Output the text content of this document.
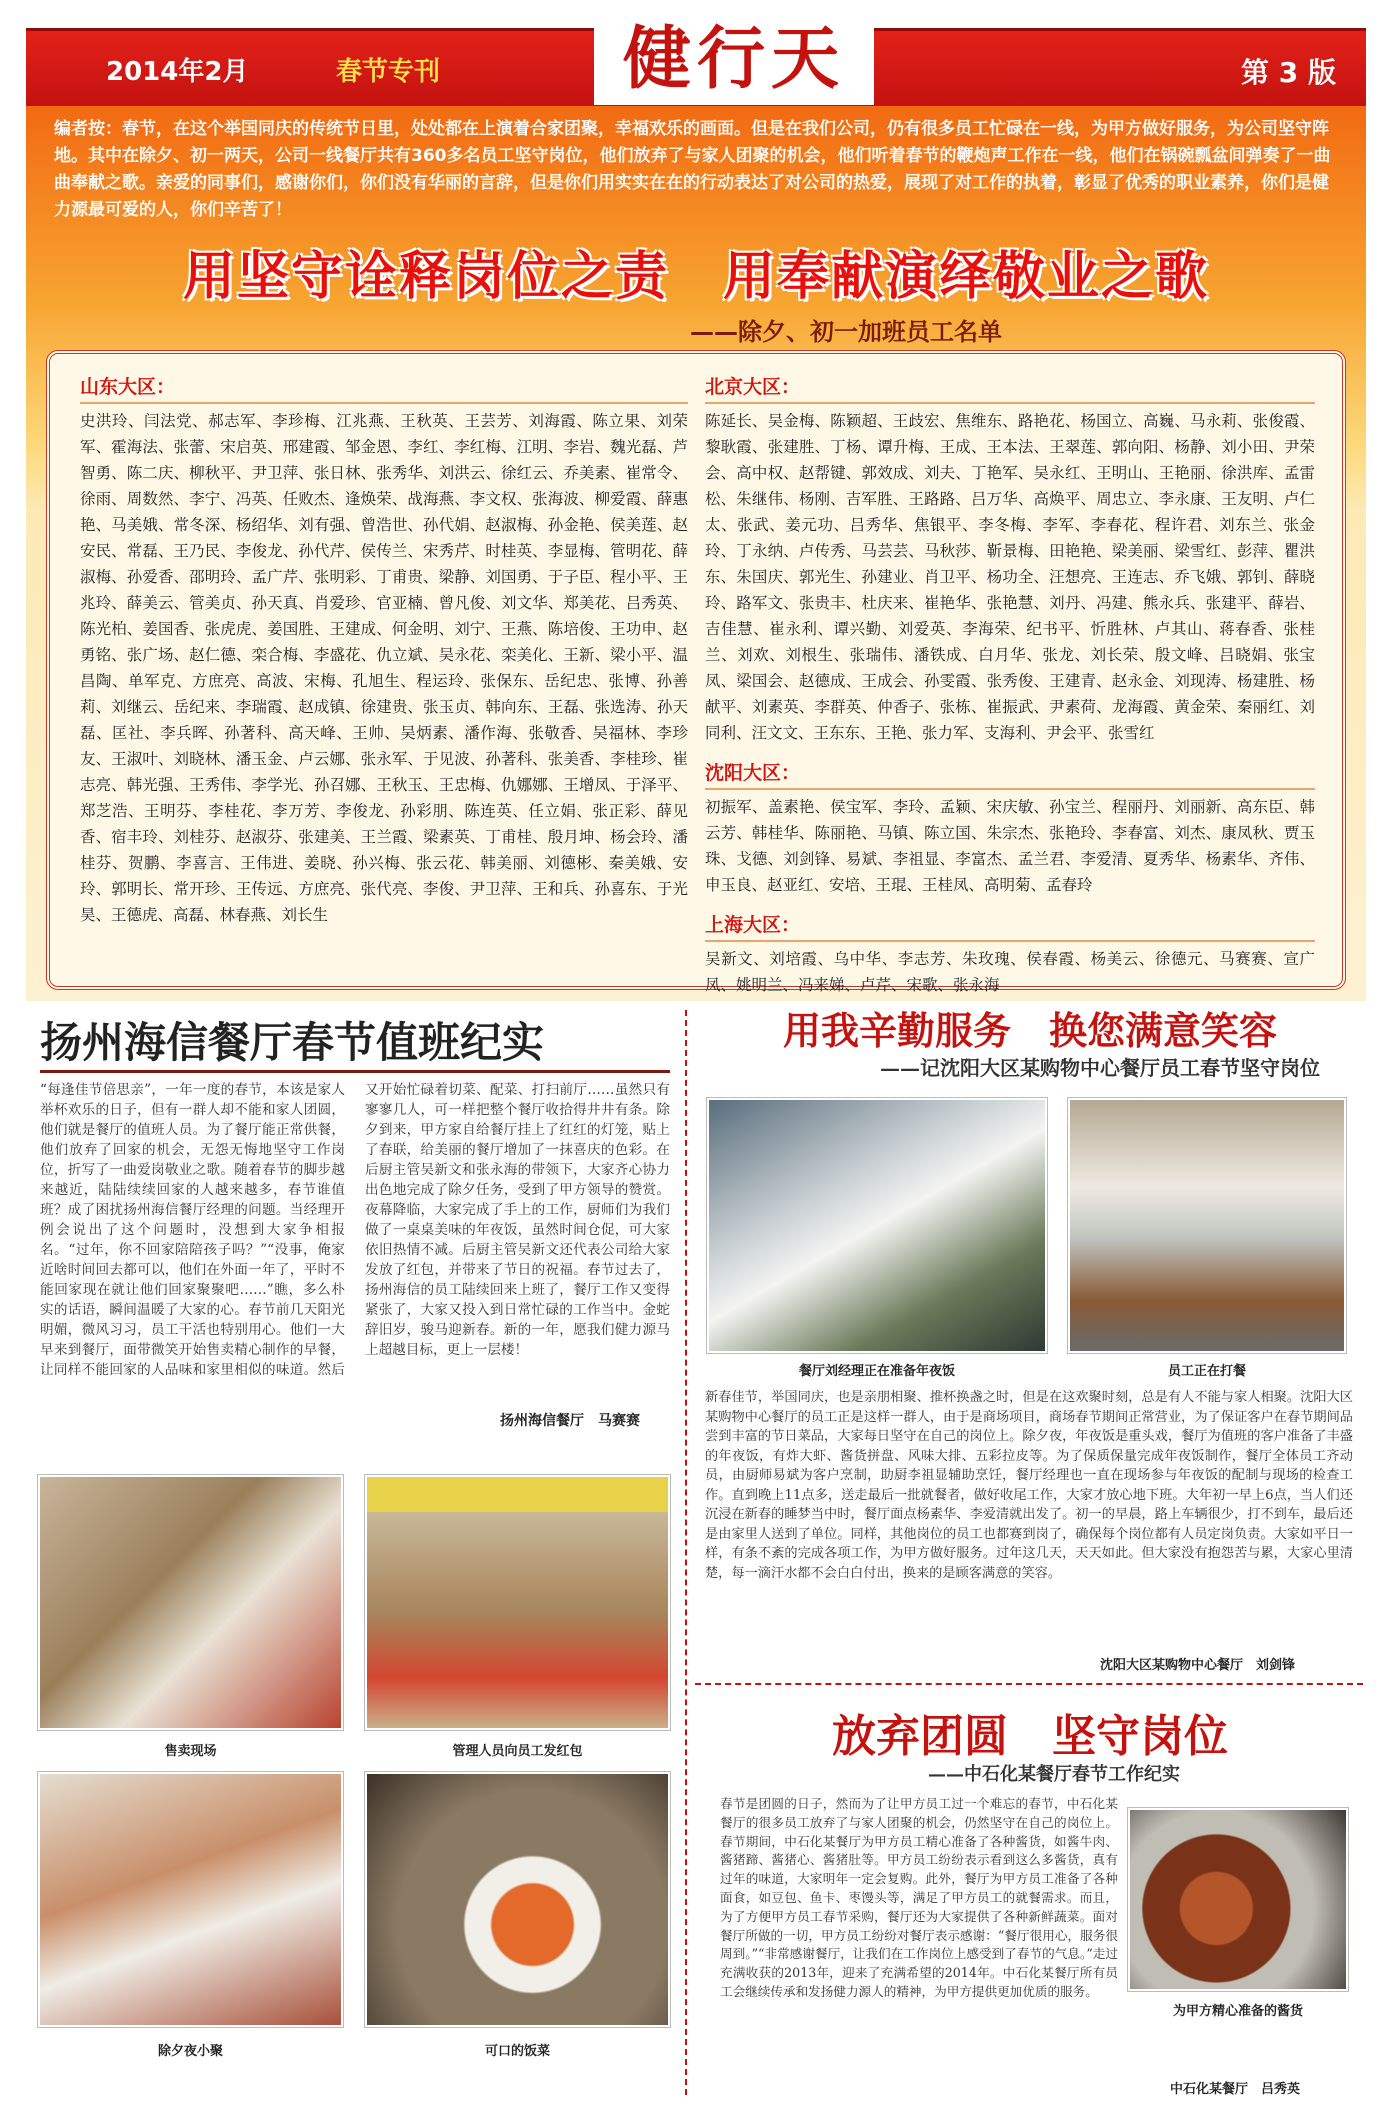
2014年2月	春节专刊	健行天	第 3 版
编者按：春节，在这个举国同庆的传统节日里，处处都在上演着合家团聚，幸福欢乐的画面。但是在我们公司，仍有很多员工忙碌在一线，为甲方做好服务，为公司坚守阵地。其中在除夕、初一两天，公司一线餐厅共有360多名员工坚守岗位，他们放弃了与家人团聚的机会，他们听着春节的鞭炮声工作在一线，他们在锅碗瓢盆间弹奏了一曲曲奉献之歌。亲爱的同事们，感谢你们，你们没有华丽的言辞，但是你们用实实在在的行动表达了对公司的热爱，展现了对工作的执着，彰显了优秀的职业素养，你们是健力源最可爱的人，你们辛苦了！
用坚守诠释岗位之责　用奉献演绎敬业之歌
——除夕、初一加班员工名单
山东大区：
史洪玲、闫法党、郝志军、李珍梅、江兆燕、王秋英、王芸芳、刘海霞、陈立果、刘荣军、霍海法、张蕾、宋启英、邢建霞、邹金恩、李红、李红梅、江明、李岩、魏光磊、芦智勇、陈二庆、柳秋平、尹卫萍、张日林、张秀华、刘洪云、徐红云、乔美素、崔常令、徐雨、周数然、李宁、冯英、任败杰、逢焕荣、战海燕、李文权、张海波、柳爱霞、薛惠艳、马美娥、常冬深、杨绍华、刘有强、曾浩世、孙代娟、赵淑梅、孙金艳、侯美莲、赵安民、常磊、王乃民、李俊龙、孙代芹、侯传兰、宋秀芹、时桂英、李显梅、管明花、薛淑梅、孙爱香、邵明玲、孟广芹、张明彩、丁甫贵、梁静、刘国勇、于子臣、程小平、王兆玲、薛美云、管美贞、孙天真、肖爱珍、官亚楠、曾凡俊、刘文华、郑美花、吕秀英、陈光柏、姜国香、张虎虎、姜国胜、王建成、何金明、刘宁、王燕、陈培俊、王功申、赵勇铭、张广场、赵仁德、栾合梅、李盛花、仇立斌、吴永花、栾美化、王新、梁小平、温昌陶、单军克、方庶亮、高波、宋梅、孔旭生、程运玲、张保东、岳纪忠、张博、孙善莉、刘继云、岳纪来、李瑞霞、赵成镇、徐建贵、张玉贞、韩向东、王磊、张选涛、孙天磊、匡社、李兵晖、孙著科、高天峰、王帅、吴炳素、潘作海、张敬香、吴福林、李珍友、王淑叶、刘晓林、潘玉金、卢云娜、张永军、于见波、孙著科、张美香、李桂珍、崔志亮、韩光强、王秀伟、李学光、孙召娜、王秋玉、王忠梅、仇娜娜、王增凤、于泽平、郑芝浩、王明芬、李桂花、李万芳、李俊龙、孙彩朋、陈连英、任立娟、张正彩、薛见香、宿丰玲、刘桂芬、赵淑芬、张建美、王兰霞、梁素英、丁甫桂、殷月坤、杨会玲、潘桂芬、贺鹏、李喜言、王伟进、姜晓、孙兴梅、张云花、韩美丽、刘德彬、秦美娥、安玲、郭明长、常开珍、王传远、方庶亮、张代亮、李俊、尹卫萍、王和兵、孙喜东、于光昊、王德虎、高磊、林春燕、刘长生
北京大区：
陈延长、吴金梅、陈颖超、王歧宏、焦维东、路艳花、杨国立、高巍、马永莉、张俊霞、黎耿霞、张建胜、丁杨、谭升梅、王成、王本法、王翠莲、郭向阳、杨静、刘小田、尹荣会、高中权、赵帮键、郭效成、刘夫、丁艳军、吴永红、王明山、王艳丽、徐洪库、孟雷松、朱继伟、杨刚、吉军胜、王路路、吕万华、高焕平、周忠立、李永康、王友明、卢仁太、张武、姜元功、吕秀华、焦银平、李冬梅、李军、李春花、程许君、刘东兰、张金玲、丁永纳、卢传秀、马芸芸、马秋莎、靳景梅、田艳艳、梁美丽、梁雪红、彭萍、瞿洪东、朱国庆、郭光生、孙建业、肖卫平、杨功全、汪想亮、王连志、乔飞娥、郭钊、薛晓玲、路军文、张贵丰、杜庆来、崔艳华、张艳慧、刘丹、冯建、熊永兵、张建平、薛岩、吉佳慧、崔永利、谭兴勤、刘爱英、李海荣、纪书平、忻胜林、卢其山、蒋春香、张桂兰、刘欢、刘根生、张瑞伟、潘铁成、白月华、张龙、刘长荣、殷文峰、吕晓娟、张宝凤、梁国会、赵德成、王成会、孙雯霞、张秀俊、王建青、赵永金、刘现涛、杨建胜、杨献平、刘素英、李群英、仲香子、张栋、崔振武、尹素荷、龙海霞、黄金荣、秦丽红、刘同利、汪文文、王东东、王艳、张力军、支海利、尹会平、张雪红
沈阳大区：
初振军、盖素艳、侯宝军、李玲、孟颖、宋庆敏、孙宝兰、程丽丹、刘丽新、高东臣、韩云芳、韩桂华、陈丽艳、马镇、陈立国、朱宗杰、张艳玲、李春富、刘杰、康凤秋、贾玉珠、戈德、刘剑锋、易斌、李祖显、李富杰、孟兰君、李爱清、夏秀华、杨素华、齐伟、申玉良、赵亚红、安培、王琨、王桂凤、高明菊、孟春玲
上海大区：
吴新文、刘培霞、乌中华、李志芳、朱玫瑰、侯春霞、杨美云、徐德元、马赛赛、宣广凤、姚明兰、冯来娣、卢芹、宋歌、张永海
扬州海信餐厅春节值班纪实
“每逢佳节倍思亲”，一年一度的春节，本该是家人举杯欢乐的日子，但有一群人却不能和家人团圆，他们就是餐厅的值班人员。为了餐厅能正常供餐，他们放弃了回家的机会，无怨无悔地坚守工作岗位，折写了一曲爱岗敬业之歌。随着春节的脚步越来越近，陆陆续续回家的人越来越多，春节谁值班？成了困扰扬州海信餐厅经理的问题。当经理开例会说出了这个问题时，没想到大家争相报名。“过年，你不回家陪陪孩子吗？”“没事，俺家近啥时间回去都可以，他们在外面一年了，平时不能回家现在就让他们回家聚聚吧……”瞧，多么朴实的话语，瞬间温暖了大家的心。春节前几天阳光明媚，微风习习，员工干活也特别用心。他们一大早来到餐厅，面带微笑开始售卖精心制作的早餐，让同样不能回家的人品味和家里相似的味道。然后又开始忙碌着切菜、配菜、打扫前厅……虽然只有寥寥几人，可一样把整个餐厅收拾得井井有条。除夕到来，甲方家自给餐厅挂上了红红的灯笼，贴上了春联，给美丽的餐厅增加了一抹喜庆的色彩。在后厨主管吴新文和张永海的带领下，大家齐心协力出色地完成了除夕任务，受到了甲方领导的赞赏。夜幕降临，大家完成了手上的工作，厨师们为我们做了一桌桌美味的年夜饭，虽然时间仓促，可大家依旧热情不减。后厨主管吴新文还代表公司给大家发放了红包，并带来了节日的祝福。春节过去了，扬州海信的员工陆续回来上班了，餐厅工作又变得紧张了，大家又投入到日常忙碌的工作当中。金蛇辞旧岁，骏马迎新春。新的一年，愿我们健力源马上超越目标，更上一层楼！
扬州海信餐厅　马赛赛
售卖现场	管理人员向员工发红包
除夕夜小聚	可口的饭菜
用我辛勤服务　换您满意笑容
——记沈阳大区某购物中心餐厅员工春节坚守岗位
餐厅刘经理正在准备年夜饭	员工正在打餐
新春佳节，举国同庆，也是亲朋相聚、推杯换盏之时，但是在这欢聚时刻，总是有人不能与家人相聚。沈阳大区某购物中心餐厅的员工正是这样一群人，由于是商场项目，商场春节期间正常营业，为了保证客户在春节期间品尝到丰富的节日菜品，大家每日坚守在自己的岗位上。除夕夜，年夜饭是重头戏，餐厅为值班的客户准备了丰盛的年夜饭，有炸大虾、酱货拼盘、风味大排、五彩拉皮等。为了保质保量完成年夜饭制作，餐厅全体员工齐动员，由厨师易斌为客户烹制，助厨李祖显辅助烹饪，餐厅经理也一直在现场参与年夜饭的配制与现场的检查工作。直到晚上11点多，送走最后一批就餐者，做好收尾工作，大家才放心地下班。大年初一早上6点，当人们还沉浸在新春的睡梦当中时，餐厅面点杨素华、李爱清就出发了。初一的早晨，路上车辆很少，打不到车，最后还是由家里人送到了单位。同样，其他岗位的员工也都赛到岗了，确保每个岗位都有人员定岗负责。大家如平日一样，有条不紊的完成各项工作，为甲方做好服务。过年这几天，天天如此。但大家没有抱怨苦与累，大家心里清楚，每一滴汗水都不会白白付出，换来的是顾客满意的笑容。
沈阳大区某购物中心餐厅　刘剑锋
放弃团圆　坚守岗位
——中石化某餐厅春节工作纪实
春节是团圆的日子，然而为了让甲方员工过一个难忘的春节，中石化某餐厅的很多员工放弃了与家人团聚的机会，仍然坚守在自己的岗位上。春节期间，中石化某餐厅为甲方员工精心准备了各种酱货，如酱牛肉、酱猪蹄、酱猪心、酱猪肚等。甲方员工纷纷表示看到这么多酱货，真有过年的味道，大家明年一定会复购。此外，餐厅为甲方员工准备了各种面食，如豆包、鱼卡、枣馒头等，满足了甲方员工的就餐需求。而且，为了方便甲方员工春节采购，餐厅还为大家提供了各种新鲜蔬菜。面对餐厅所做的一切，甲方员工纷纷对餐厅表示感谢：“餐厅很用心，服务很周到。”“非常感谢餐厅，让我们在工作岗位上感受到了春节的气息。”走过充满收获的2013年，迎来了充满希望的2014年。中石化某餐厅所有员工会继续传承和发扬健力源人的精神，为甲方提供更加优质的服务。
为甲方精心准备的酱货
中石化某餐厅　吕秀英
